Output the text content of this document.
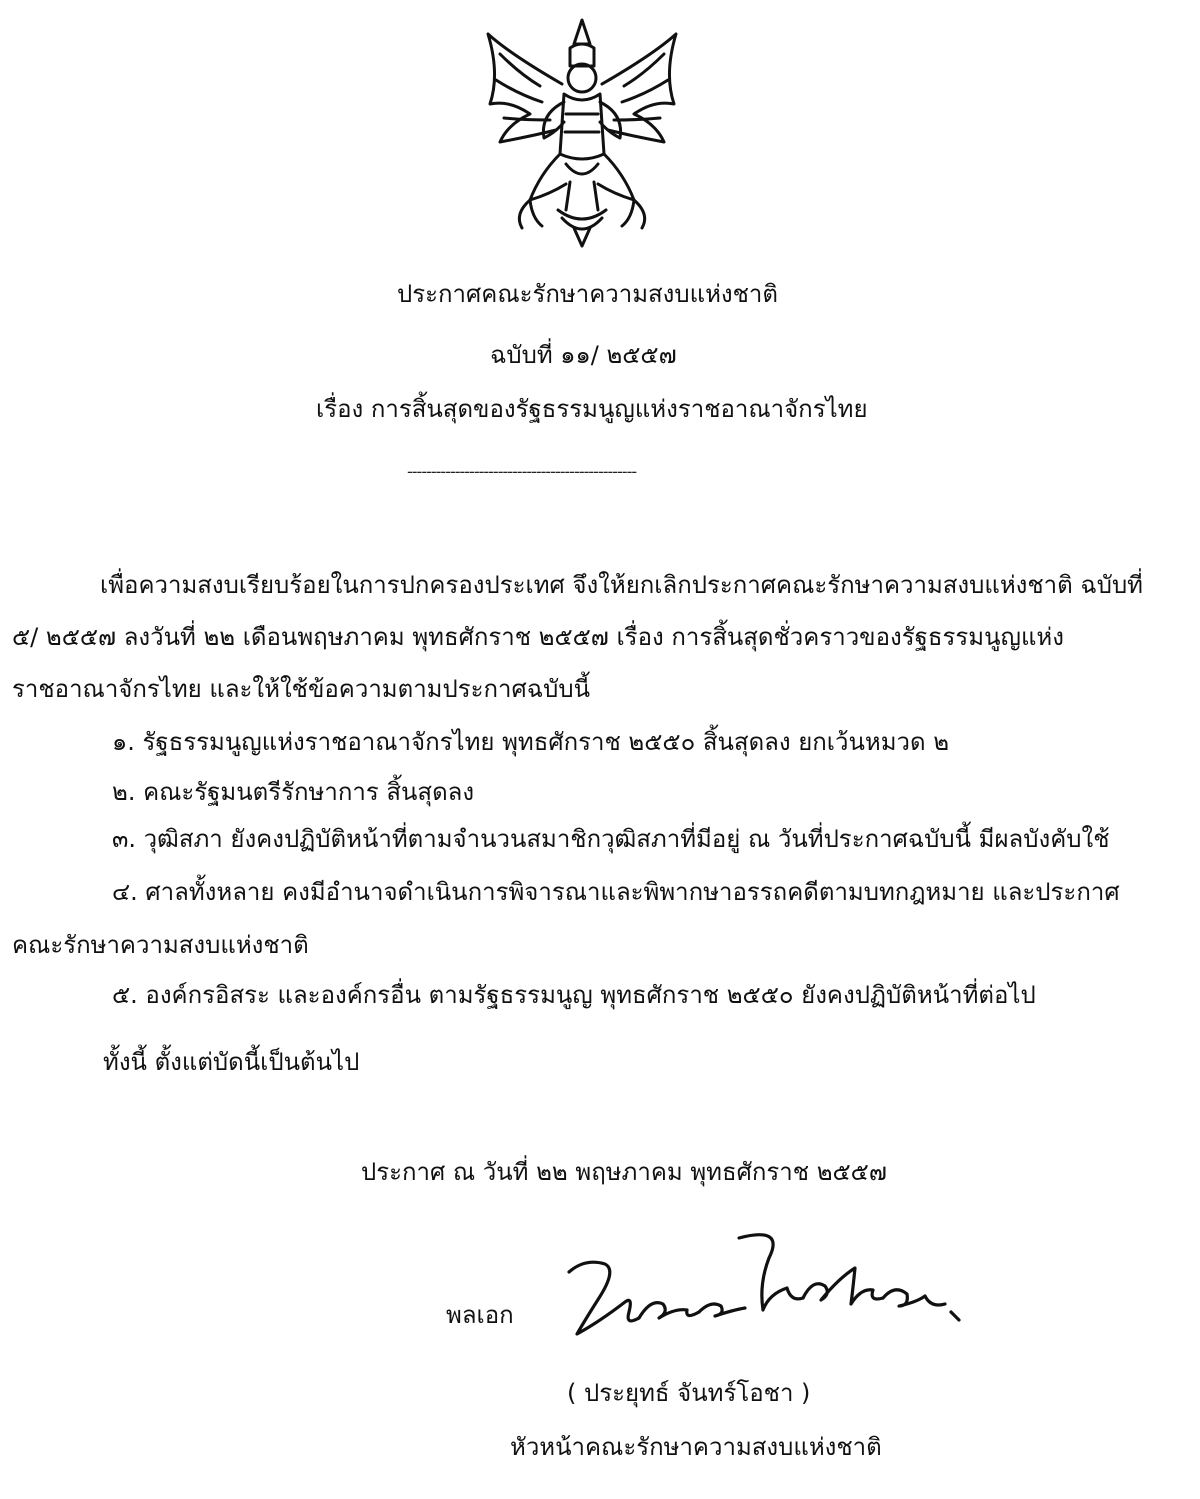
ประกาศคณะรักษาความสงบแห่งชาติ
ฉบับที่ ๑๑/ ๒๕๕๗
เรื่อง การสิ้นสุดของรัฐธรรมนูญแห่งราชอาณาจักรไทย
------------------------------------------------
เพื่อความสงบเรียบร้อยในการปกครองประเทศ จึงให้ยกเลิกประกาศคณะรักษาความสงบแห่งชาติ ฉบับที่
๕/ ๒๕๕๗ ลงวันที่ ๒๒ เดือนพฤษภาคม พุทธศักราช ๒๕๕๗ เรื่อง การสิ้นสุดชั่วคราวของรัฐธรรมนูญแห่ง
ราชอาณาจักรไทย และให้ใช้ข้อความตามประกาศฉบับนี้
๑. รัฐธรรมนูญแห่งราชอาณาจักรไทย พุทธศักราช ๒๕๕๐ สิ้นสุดลง ยกเว้นหมวด ๒
๒. คณะรัฐมนตรีรักษาการ สิ้นสุดลง
๓. วุฒิสภา ยังคงปฏิบัติหน้าที่ตามจำนวนสมาชิกวุฒิสภาที่มีอยู่ ณ วันที่ประกาศฉบับนี้ มีผลบังคับใช้
๔. ศาลทั้งหลาย คงมีอำนาจดำเนินการพิจารณาและพิพากษาอรรถคดีตามบทกฎหมาย และประกาศ
คณะรักษาความสงบแห่งชาติ
๕. องค์กรอิสระ และองค์กรอื่น ตามรัฐธรรมนูญ พุทธศักราช ๒๕๕๐ ยังคงปฏิบัติหน้าที่ต่อไป
ทั้งนี้ ตั้งแต่บัดนี้เป็นต้นไป
ประกาศ ณ วันที่ ๒๒ พฤษภาคม พุทธศักราช ๒๕๕๗
พลเอก
( ประยุทธ์ จันทร์โอชา )
หัวหน้าคณะรักษาความสงบแห่งชาติ
